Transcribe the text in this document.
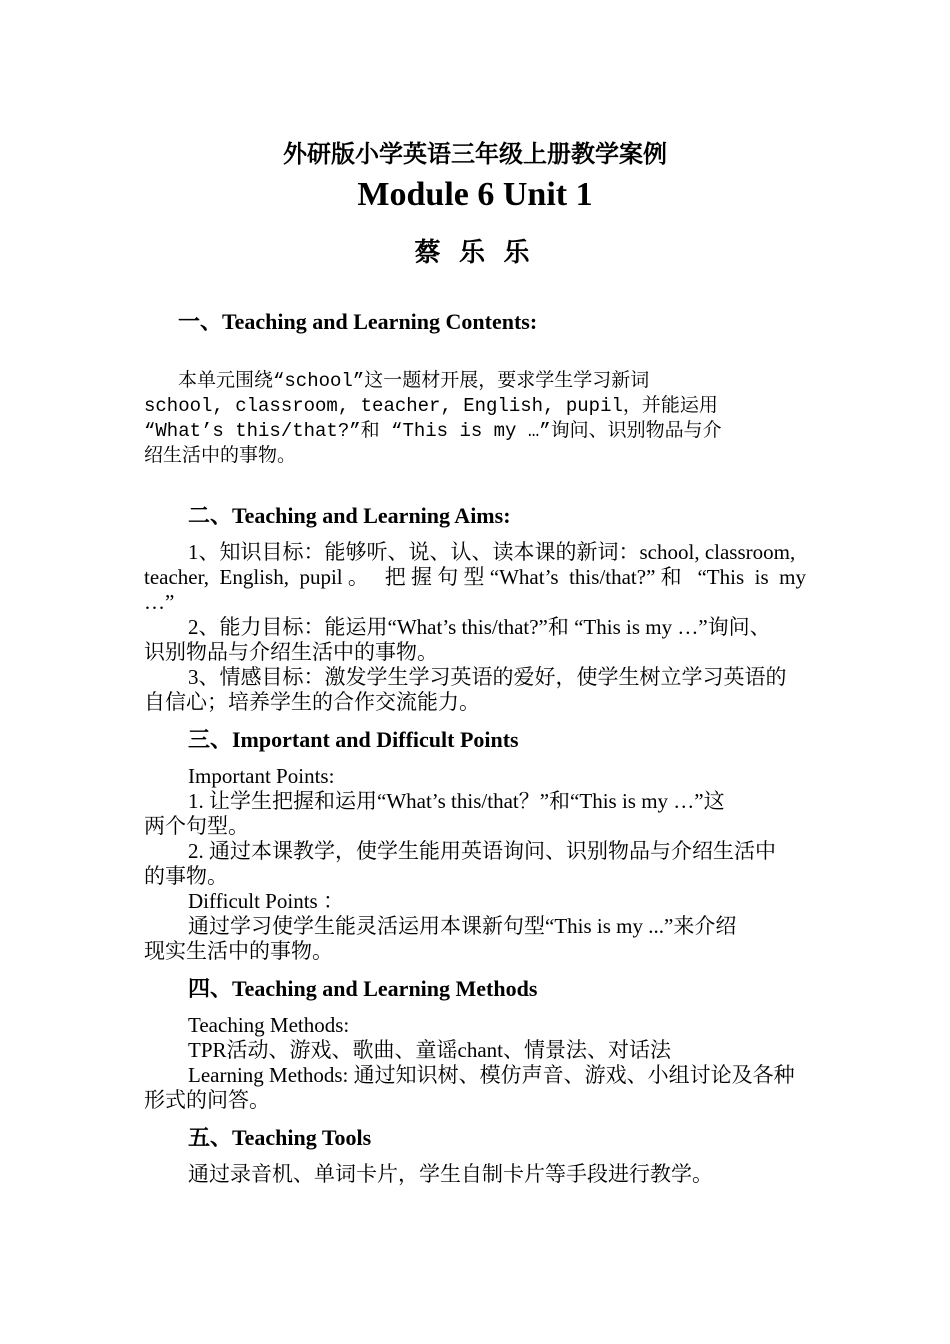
外研版小学英语三年级上册教学案例
Module 6 Unit 1
蔡 乐 乐
一、Teaching and Learning Contents:
本单元围绕“school”这一题材开展，要求学生学习新词
school, classroom, teacher, English, pupil，并能运用
“What’s this/that?”和 “This is my …”询问、识别物品与介
绍生活中的事物。
二、Teaching and Learning Aims:
1、知识目标：能够听、说、认、读本课的新词：school, classroom,
teacher, English, pupil。 把握句型“What’s this/that?”和 “This is my
…”
2、能力目标：能运用“What’s this/that?”和 “This is my …”询问、
识别物品与介绍生活中的事物。
3、情感目标：激发学生学习英语的爱好，使学生树立学习英语的
自信心；培养学生的合作交流能力。
三、Important and Difficult Points
Important Points:
1. 让学生把握和运用“What’s this/that？”和“This is my …”这
两个句型。
2. 通过本课教学，使学生能用英语询问、识别物品与介绍生活中
的事物。
Difficult Points ：
通过学习使学生能灵活运用本课新句型“This is my ...”来介绍
现实生活中的事物。
四、Teaching and Learning Methods
Teaching Methods:
TPR活动、游戏、歌曲、童谣chant、情景法、对话法
Learning Methods: 通过知识树、模仿声音、游戏、小组讨论及各种
形式的问答。
五、Teaching Tools
通过录音机、单词卡片，学生自制卡片等手段进行教学。
